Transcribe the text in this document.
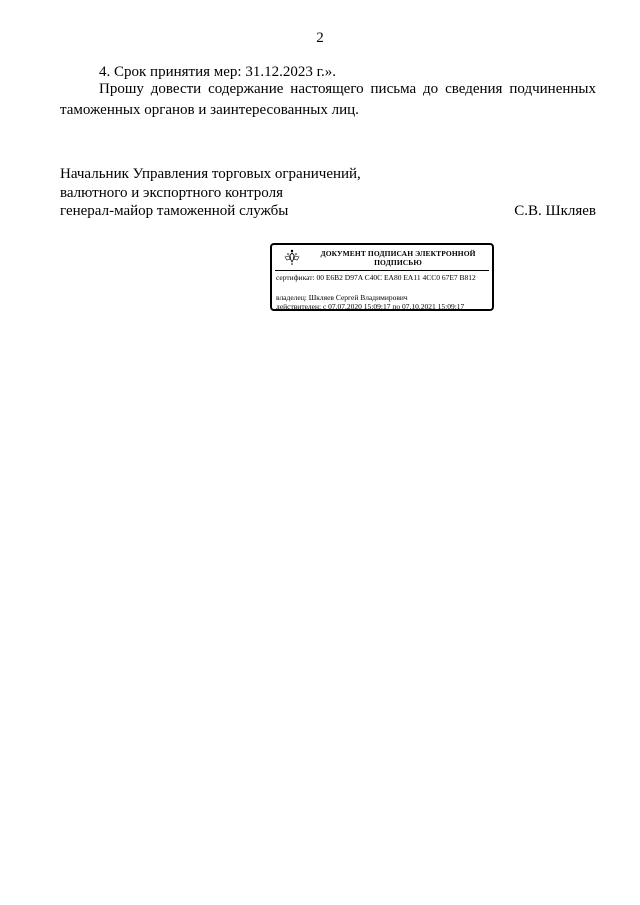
2
4. Срок принятия мер: 31.12.2023 г.».
Прошу довести содержание настоящего письма до сведения подчиненных таможенных органов и заинтересованных лиц.
Начальник Управления торговых ограничений,
валютного и экспортного контроля
генерал-майор таможенной службы	С.В. Шкляев
ДОКУМЕНТ ПОДПИСАН ЭЛЕКТРОННОЙ ПОДПИСЬЮ
сертификат: 00 E6B2 D97A C40C EA80 EA11 4CC0 67E7 B812
владелец: Шкляев Сергей Владимирович
действителен: с 07.07.2020 15:09:17 по 07.10.2021 15:09:17
